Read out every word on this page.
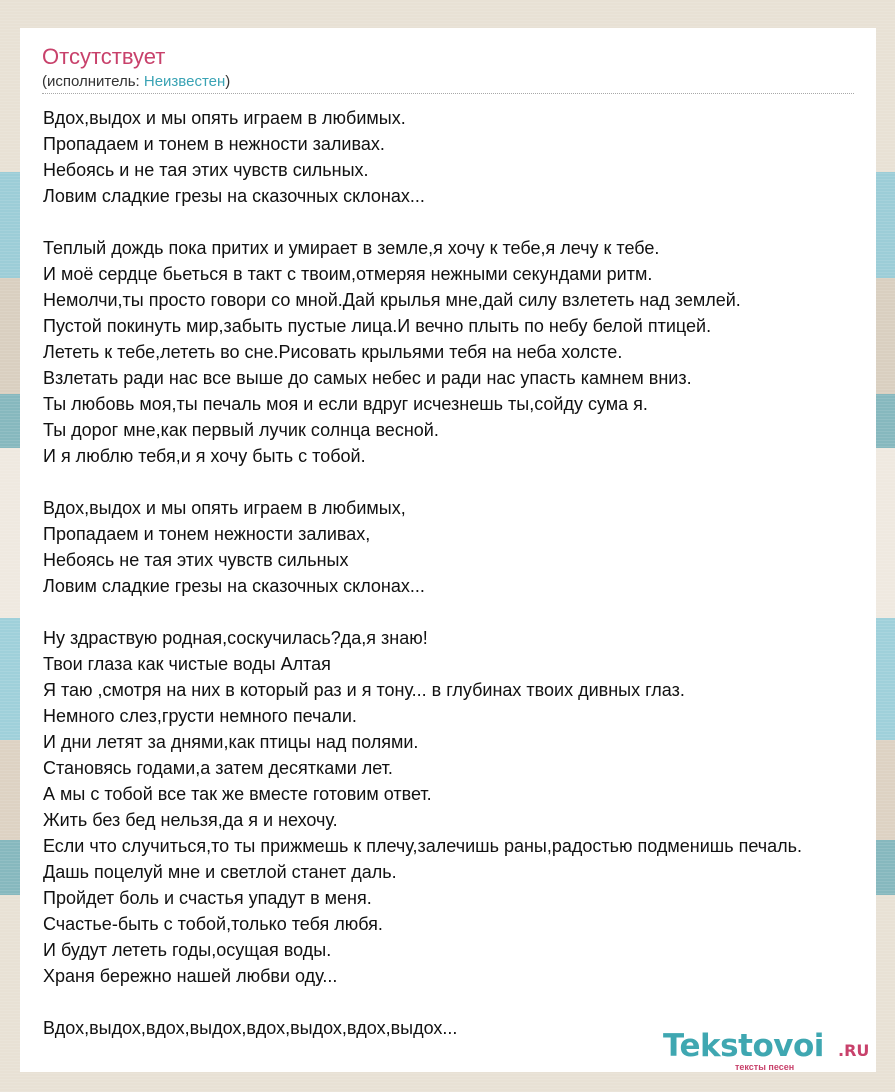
Отсутствует
(исполнитель: Неизвестен)
Вдох,выдох и мы опять играем в любимых.
Пропадаем и тонем в нежности заливах.
Небоясь и не тая этих чувств сильных.
Ловим сладкие грезы на сказочных склонах...
Теплый дождь пока притих и умирает в земле,я хочу к тебе,я лечу к тебе.
И моё сердце бьеться в такт с твоим,отмеряя нежными секундами ритм.
Немолчи,ты просто говори со мной.Дай крылья мне,дай силу взлететь над землей.
Пустой покинуть мир,забыть пустые лица.И вечно плыть по небу белой птицей.
Лететь к тебе,лететь во сне.Рисовать крыльями тебя на неба холсте.
Взлетать ради нас все выше до самых небес и ради нас упасть камнем вниз.
Ты любовь моя,ты печаль моя и если вдруг исчезнешь ты,сойду сума я.
Ты дорог мне,как первый лучик солнца весной.
И я люблю тебя,и я хочу быть с тобой.
Вдох,выдох и мы опять играем в любимых,
Пропадаем и тонем нежности заливах,
Небоясь не тая этих чувств сильных
Ловим сладкие грезы на сказочных склонах...
Ну здраствую родная,соскучилась?да,я знаю!
Твои глаза как чистые воды Алтая
Я таю ,смотря на них в который раз и я тону... в глубинах твоих дивных глаз.
Немного слез,грусти немного печали.
И дни летят за днями,как птицы над полями.
Становясь годами,а затем десятками лет.
А мы с тобой все так же вместе готовим ответ.
Жить без бед нельзя,да я и нехочу.
Если что случиться,то ты прижмешь к плечу,залечишь раны,радостью подменишь печаль.
Дашь поцелуй мне и светлой станет даль.
Пройдет боль и счастья упадут в меня.
Счастье-быть с тобой,только тебя любя.
И будут лететь годы,осущая воды.
Храня бережно нашей любви оду...
Вдох,выдох,вдох,выдох,вдох,выдох,вдох,выдох...	Tekstovoi .RU
тексты песен
